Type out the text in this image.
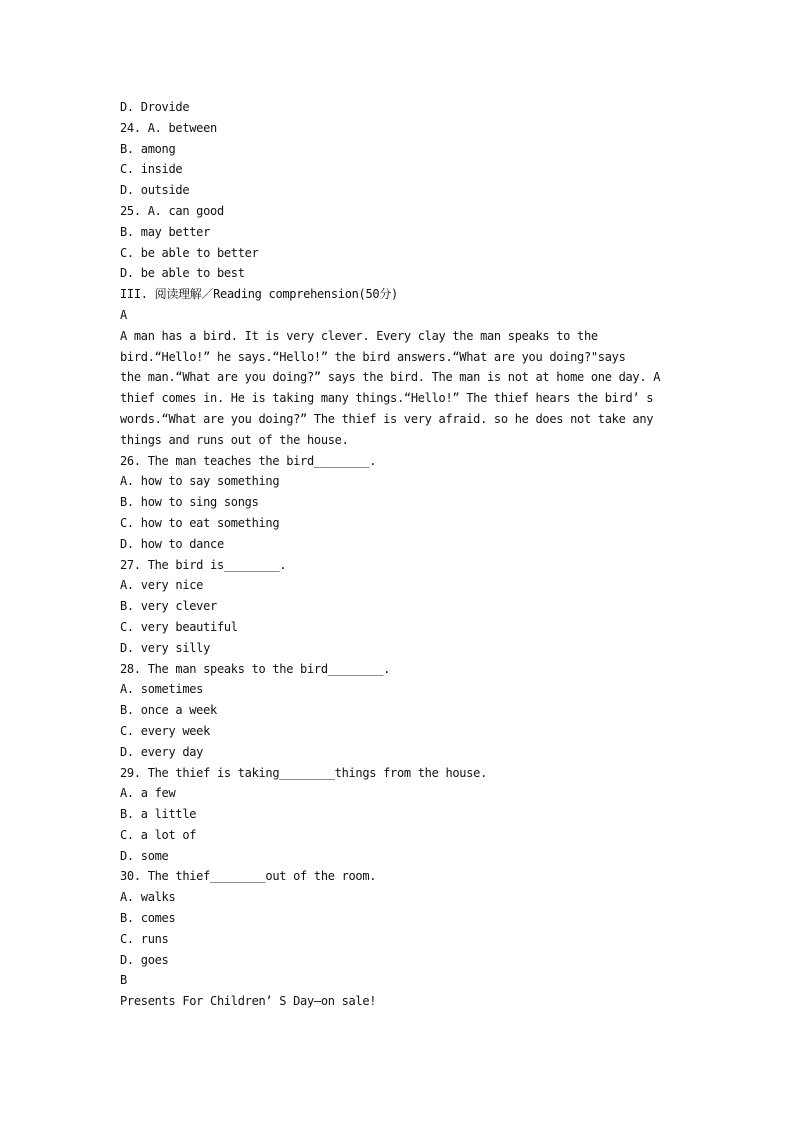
D. Drovide
24. A. between
B. among
C. inside
D. outside
25. A. can good
B. may better
C. be able to better
D. be able to best
III. 阅读理解／Reading comprehension(50分)
A
A man has a bird. It is very clever. Every clay the man speaks to the
bird.“Hello!” he says.“Hello!” the bird answers.“What are you doing?"says
the man.“What are you doing?” says the bird. The man is not at home one day. A
thief comes in. He is taking many things.“Hello!” The thief hears the bird’ s
words.“What are you doing?” The thief is very afraid. so he does not take any
things and runs out of the house.
26. The man teaches the bird________.
A. how to say something
B. how to sing songs
C. how to eat something
D. how to dance
27. The bird is________.
A. very nice
B. very clever
C. very beautiful
D. very silly
28. The man speaks to the bird________.
A. sometimes
B. once a week
C. every week
D. every day
29. The thief is taking________things from the house.
A. a few
B. a little
C. a lot of
D. some
30. The thief________out of the room.
A. walks
B. comes
C. runs
D. goes
B
Presents For Children’ S Day—on sale!
